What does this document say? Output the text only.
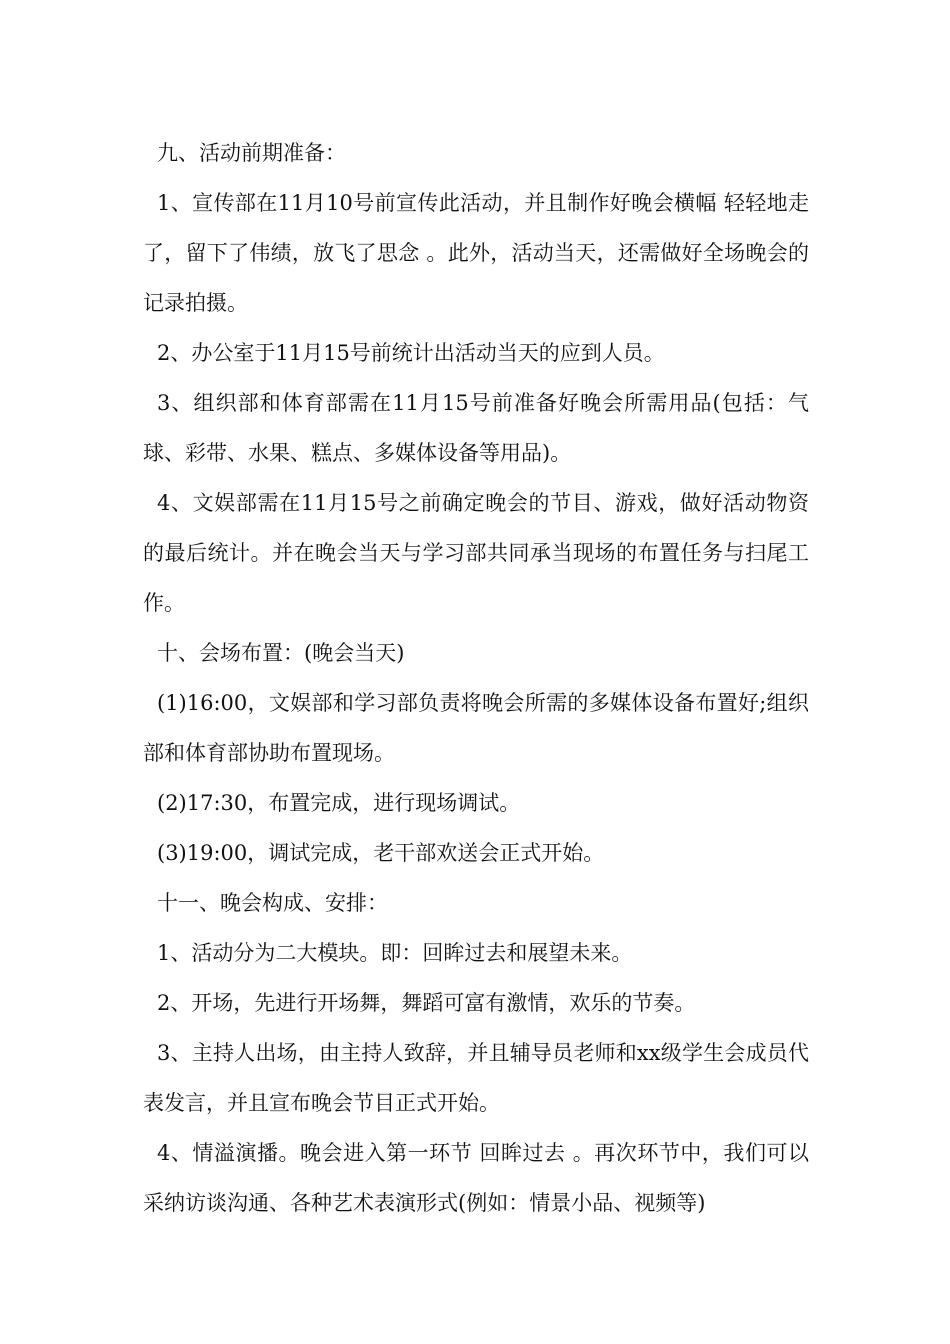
九、活动前期准备：

1、宣传部在11月10号前宣传此活动，并且制作好晚会横幅 轻轻地走了，留下了伟绩，放飞了思念 。此外，活动当天，还需做好全场晚会的记录拍摄。

2、办公室于11月15号前统计出活动当天的应到人员。

3、组织部和体育部需在11月15号前准备好晚会所需用品(包括：气球、彩带、水果、糕点、多媒体设备等用品)。

4、文娱部需在11月15号之前确定晚会的节目、游戏，做好活动物资的最后统计。并在晚会当天与学习部共同承当现场的布置任务与扫尾工作。

十、会场布置：(晚会当天)

(1)16:00，文娱部和学习部负责将晚会所需的多媒体设备布置好;组织部和体育部协助布置现场。

(2)17:30，布置完成，进行现场调试。

(3)19:00，调试完成，老干部欢送会正式开始。

十一、晚会构成、安排：

1、活动分为二大模块。即：回眸过去和展望未来。

2、开场，先进行开场舞，舞蹈可富有激情，欢乐的节奏。

3、主持人出场，由主持人致辞，并且辅导员老师和xx级学生会成员代表发言，并且宣布晚会节目正式开始。

4、情溢演播。晚会进入第一环节 回眸过去 。再次环节中，我们可以采纳访谈沟通、各种艺术表演形式(例如：情景小品、视频等)
